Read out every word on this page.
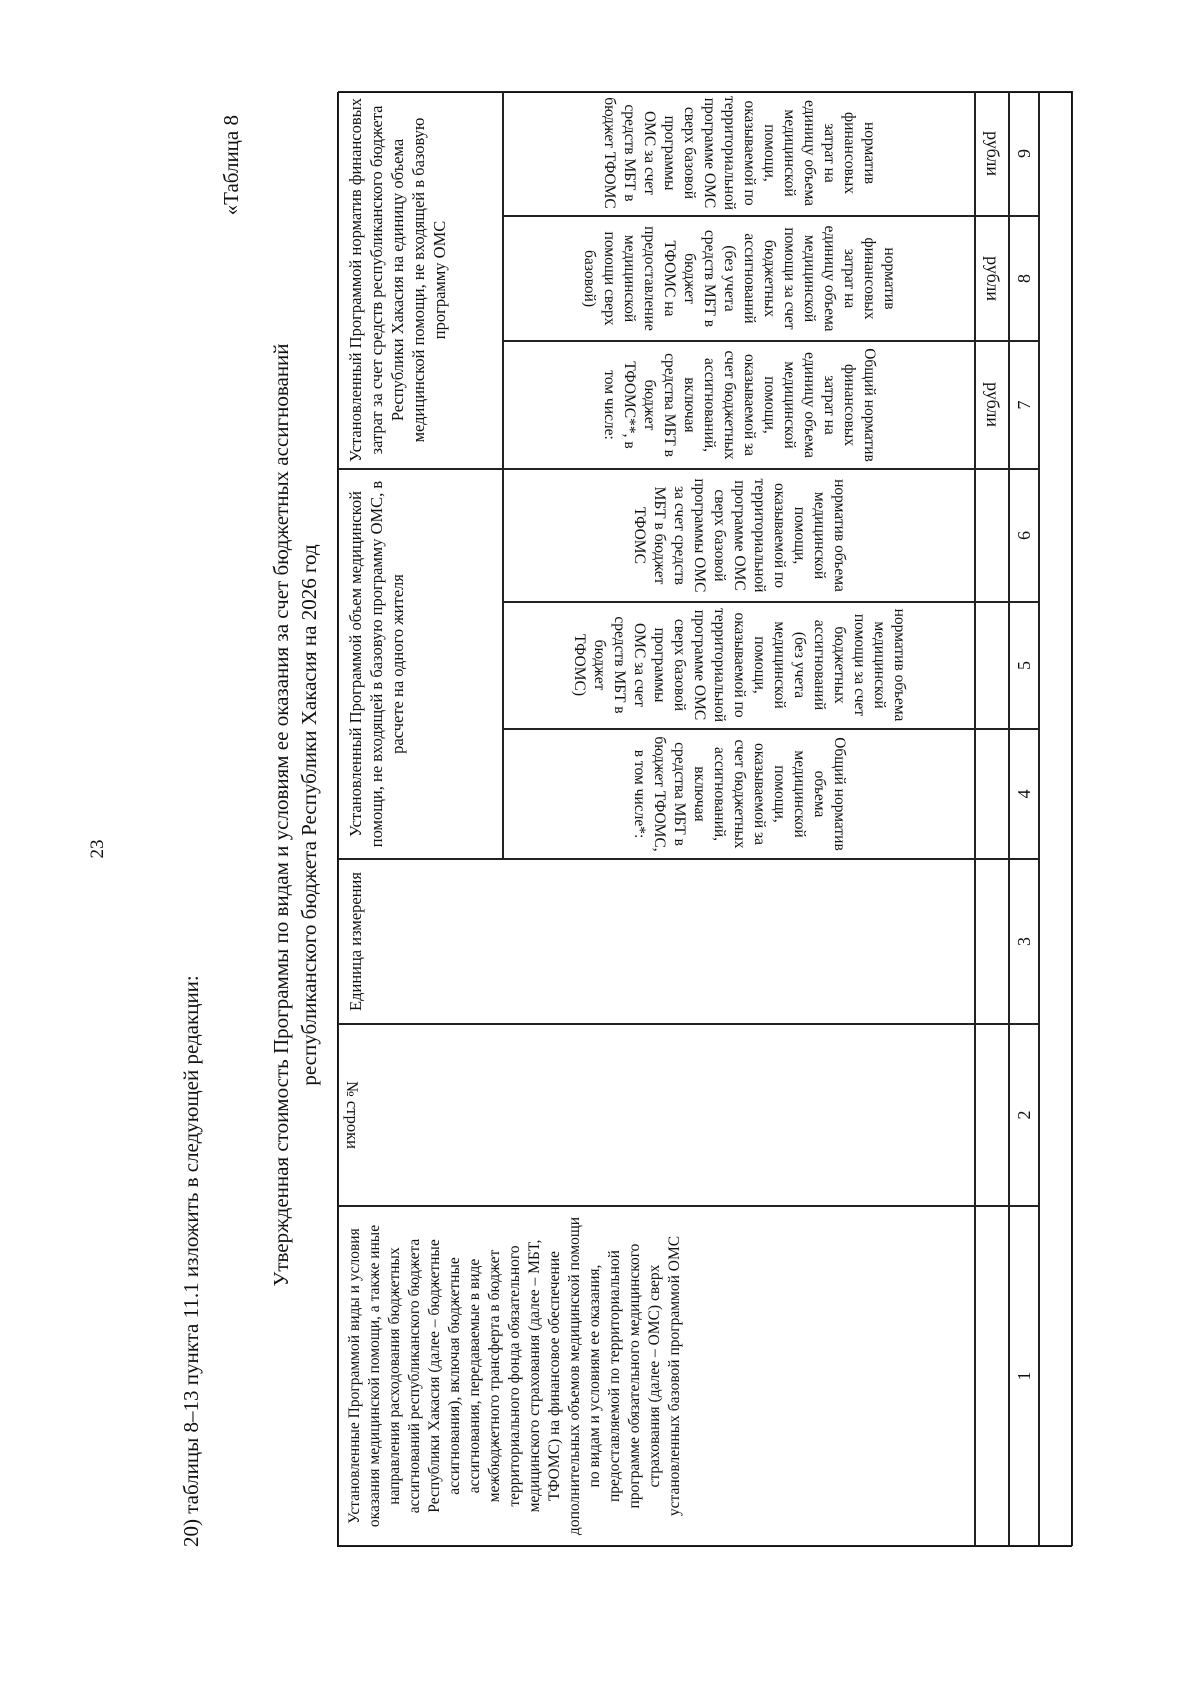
23
20) таблицы 8–13 пункта 11.1 изложить в следующей редакции:
«Таблица 8
Утвержденная стоимость Программы по видам и условиям ее оказания за счет бюджетных ассигнований республиканского бюджета Республики Хакасия на 2026 год
Установленные Программой виды и условия оказания медицинской помощи, а также иные направления расходования бюджетных ассигнований республиканского бюджета Республики Хакасия (далее – бюджетные ассигнования), включая бюджетные ассигнования, передаваемые в виде межбюджетного трансферта в бюджет территориального фонда обязательного медицинского страхования (далее – МБТ, ТФОМС) на финансовое обеспечение дополнительных объемов медицинской помощи по видам и условиям ее оказания, предоставляемой по территориальной программе обязательного медицинского страхования (далее – ОМС) сверх установленных базовой программой ОМС
№ строки
Единица измерения
Установленный Программой объем медицинской помощи, не входящей в базовую программу ОМС, в расчете на одного жителя
Установленный Программой норматив финансовых затрат за счет средств республиканского бюджета Республики Хакасия на единицу объема медицинской помощи, не входящей в базовую программу ОМС
Общий норматив объема медицинской помощи, оказываемой за счет бюджетных ассигнований, включая средства МБТ в бюджет ТФОМС, в том числе*:
норматив объема медицинской помощи за счет бюджетных ассигнований (без учета медицинской помощи, оказываемой по территориальной программе ОМС сверх базовой программы ОМС за счет средств МБТ в бюджет ТФОМС)
норматив объема медицинской помощи, оказываемой по территориальной программе ОМС сверх базовой программы ОМС за счет средств МБТ в бюджет ТФОМС
Общий норматив финансовых затрат на единицу объема медицинской помощи, оказываемой за счет бюджетных ассигнований, включая средства МБТ в бюджет ТФОМС**, в том числе:
норматив финансовых затрат на единицу объема медицинской помощи за счет бюджетных ассигнований (без учета средств МБТ в бюджет ТФОМС на предоставление медицинской помощи сверх базовой)
норматив финансовых затрат на единицу объема медицинской помощи, оказываемой по территориальной программе ОМС сверх базовой программы ОМС за счет средств МБТ в бюджет ТФОМС
рубли
рубли
рубли
1
2
3
4
5
6
7
8
9
